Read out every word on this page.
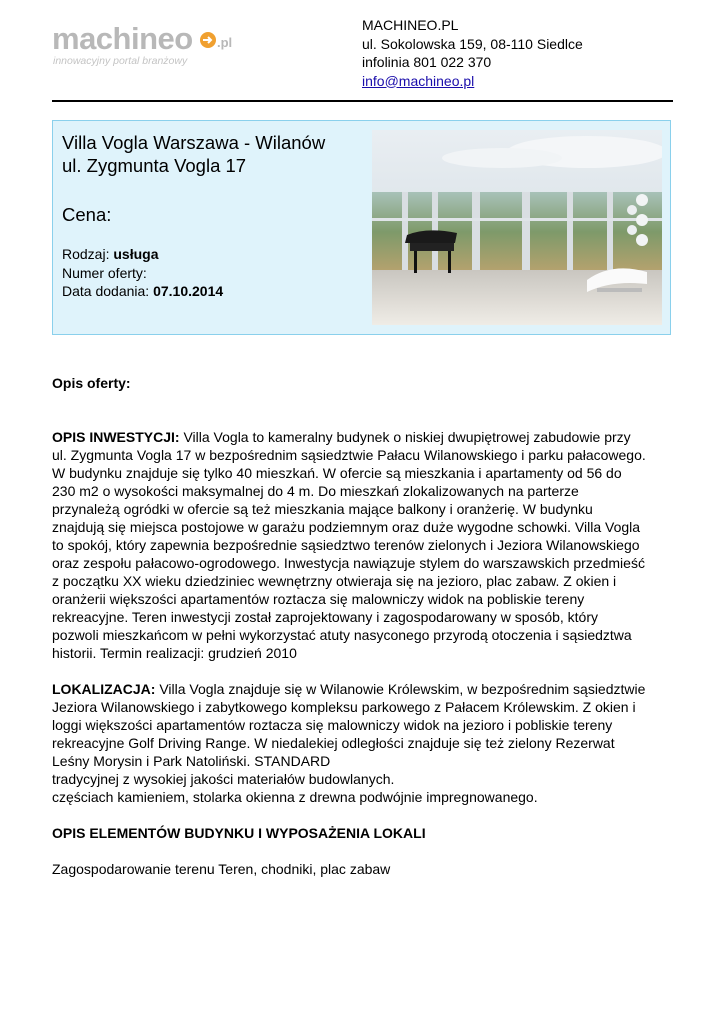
machineo .pl
innowacyjny portal branżowy
MACHINEO.PL
ul. Sokolowska 159, 08-110 Siedlce
infolinia 801 022 370
info@machineo.pl
Villa Vogla Warszawa - Wilanów
ul. Zygmunta Vogla 17
Cena:
Rodzaj: usługa
Numer oferty:
Data dodania: 07.10.2014

Opis oferty:

OPIS INWESTYCJI: Villa Vogla to kameralny budynek o niskiej dwupiętrowej zabudowie przy
ul. Zygmunta Vogla 17 w bezpośrednim sąsiedztwie Pałacu Wilanowskiego i parku pałacowego.
W budynku znajduje się tylko 40 mieszkań. W ofercie są mieszkania i apartamenty od 56 do
230 m2 o wysokości maksymalnej do 4 m. Do mieszkań zlokalizowanych na parterze
przynależą ogródki w ofercie są też mieszkania mające balkony i oranżerię. W budynku
znajdują się miejsca postojowe w garażu podziemnym oraz duże wygodne schowki. Villa Vogla
to spokój, który zapewnia bezpośrednie sąsiedztwo terenów zielonych i Jeziora Wilanowskiego
oraz zespołu pałacowo-ogrodowego. Inwestycja nawiązuje stylem do warszawskich przedmieść
z początku XX wieku dziedziniec wewnętrzny otwieraja się na jezioro, plac zabaw. Z okien i
oranżerii większości apartamentów roztacza się malowniczy widok na pobliskie tereny
rekreacyjne. Teren inwestycji został zaprojektowany i zagospodarowany w sposób, który
pozwoli mieszkańcom w pełni wykorzystać atuty nasyconego przyrodą otoczenia i sąsiedztwa
historii. Termin realizacji: grudzień 2010

LOKALIZACJA: Villa Vogla znajduje się w Wilanowie Królewskim, w bezpośrednim sąsiedztwie
Jeziora Wilanowskiego i zabytkowego kompleksu parkowego z Pałacem Królewskim. Z okien i
loggi większości apartamentów roztacza się malowniczy widok na jezioro i pobliskie tereny
rekreacyjne Golf Driving Range. W niedalekiej odległości znajduje się też zielony Rezerwat
Leśny Morysin i Park Natoliński. STANDARD
tradycyjnej z wysokiej jakości materiałów budowlanych.
częściach kamieniem, stolarka okienna z drewna podwójnie impregnowanego.

OPIS ELEMENTÓW BUDYNKU I WYPOSAŻENIA LOKALI

Zagospodarowanie terenu Teren, chodniki, plac zabaw
